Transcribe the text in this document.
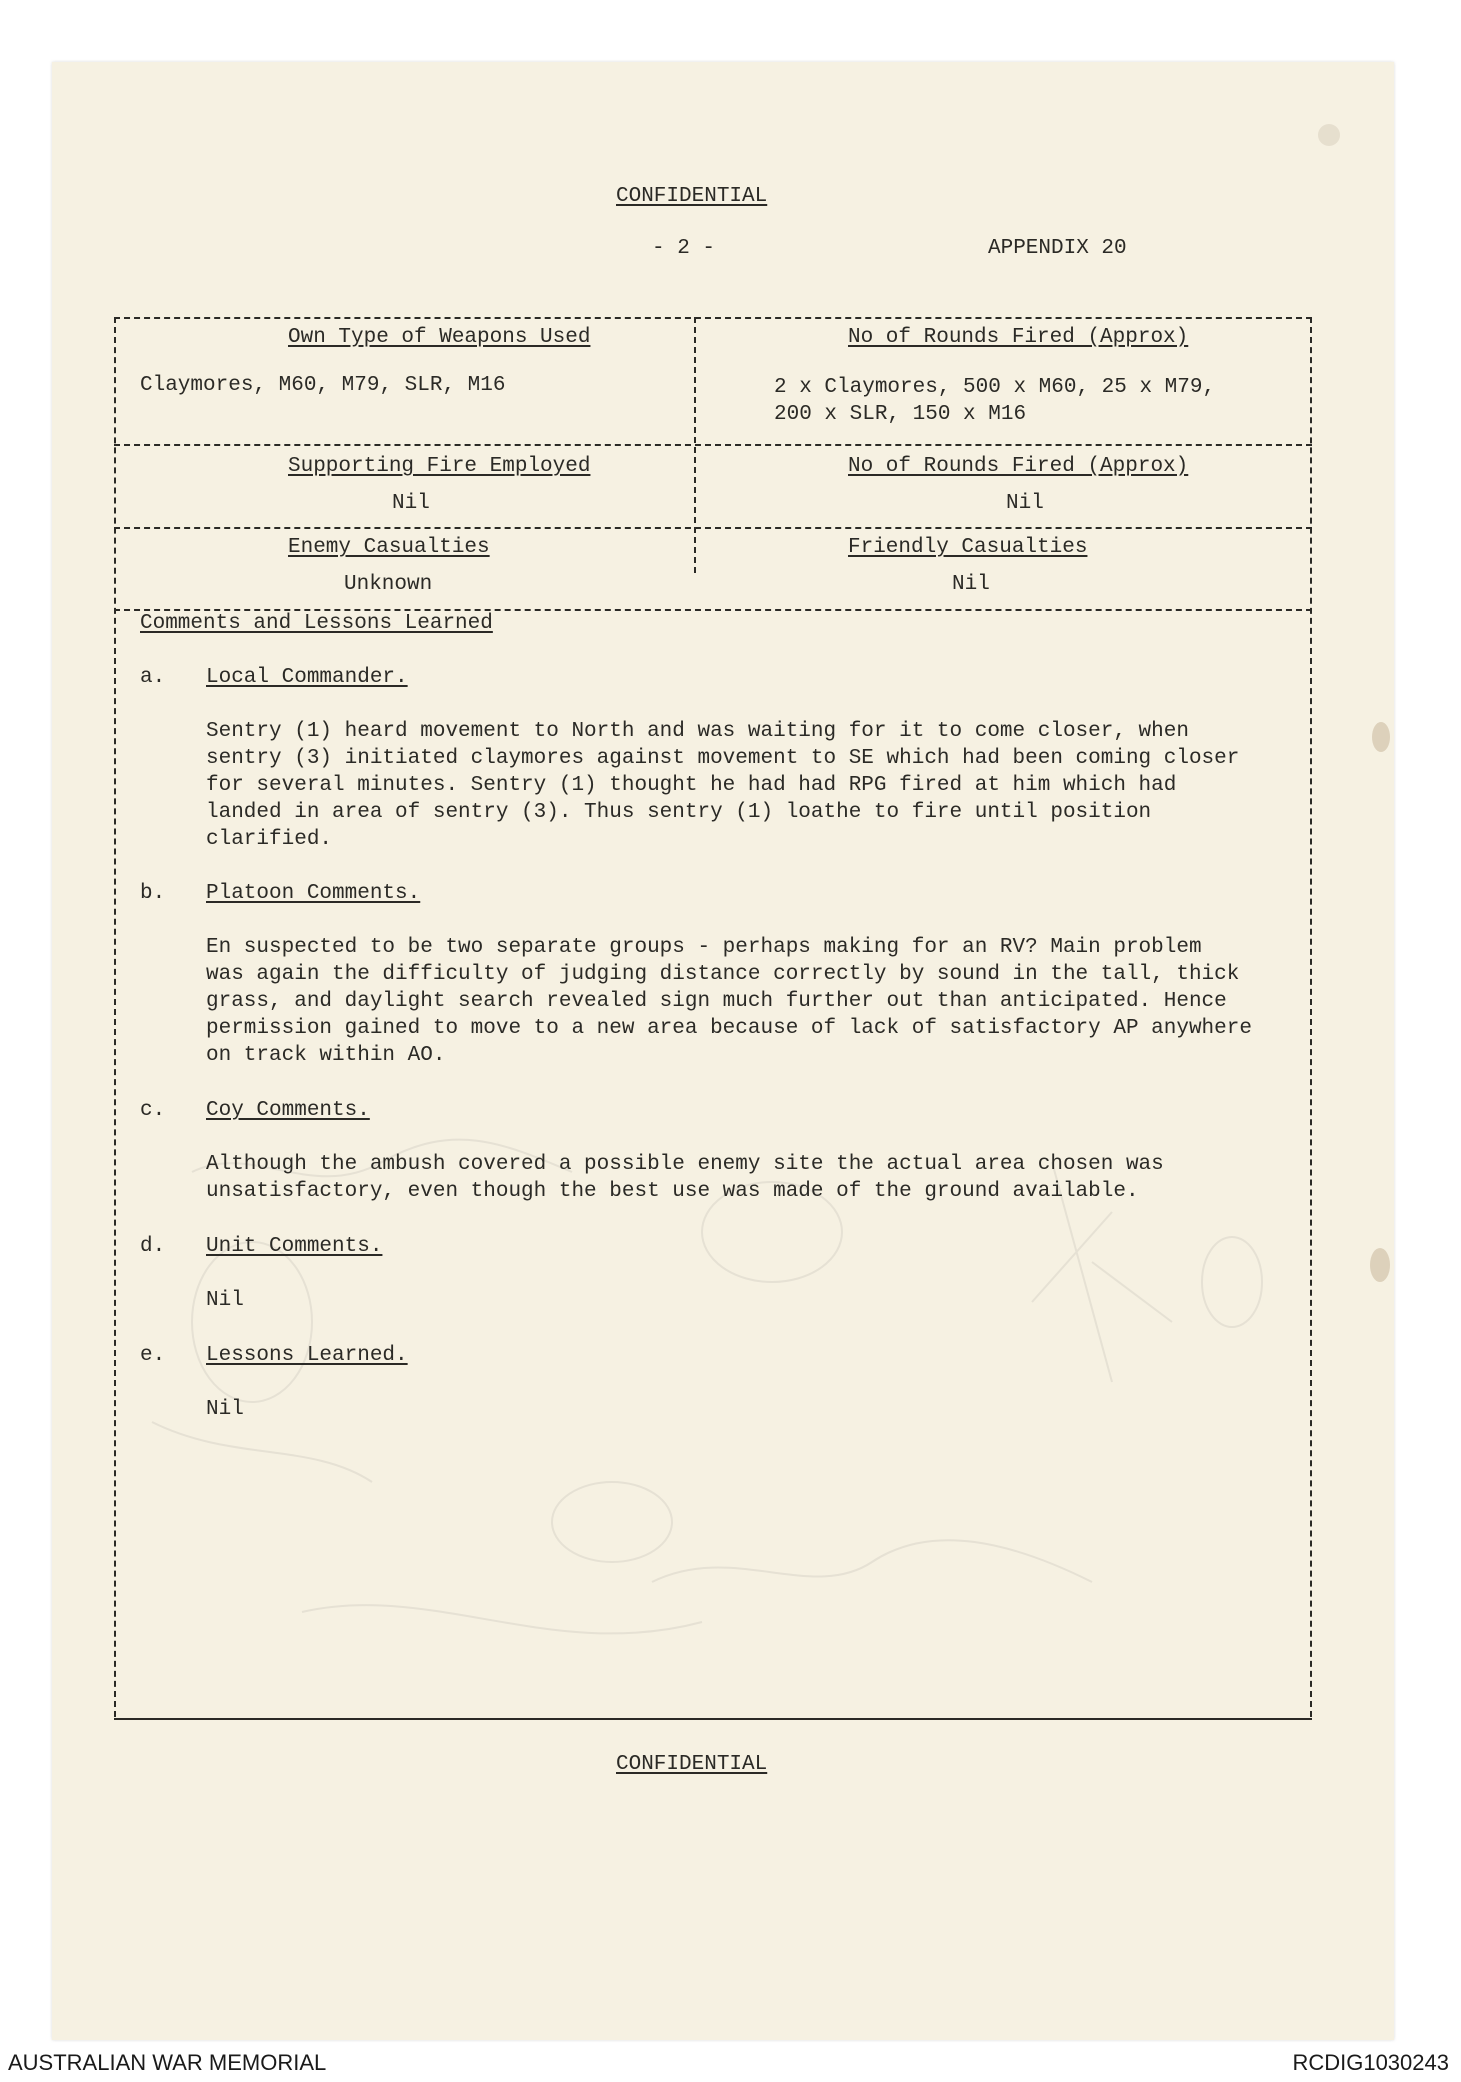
CONFIDENTIAL
- 2 -	APPENDIX 20
Own Type of Weapons Used
Claymores, M60, M79, SLR, M16
No of Rounds Fired (Approx)
2 x Claymores, 500 x M60, 25 x M79,
200 x SLR, 150 x M16
Supporting Fire Employed
Nil
No of Rounds Fired (Approx)
Nil
Enemy Casualties
Unknown
Friendly Casualties
Nil
Comments and Lessons Learned
a. Local Commander.
Sentry (1) heard movement to North and was waiting for it to come closer, when
sentry (3) initiated claymores against movement to SE which had been coming closer
for several minutes. Sentry (1) thought he had had RPG fired at him which had
landed in area of sentry (3). Thus sentry (1) loathe to fire until position
clarified.
b. Platoon Comments.
En suspected to be two separate groups - perhaps making for an RV? Main problem
was again the difficulty of judging distance correctly by sound in the tall, thick
grass, and daylight search revealed sign much further out than anticipated. Hence
permission gained to move to a new area because of lack of satisfactory AP anywhere
on track within AO.
c. Coy Comments.
Although the ambush covered a possible enemy site the actual area chosen was
unsatisfactory, even though the best use was made of the ground available.
d. Unit Comments.
Nil
e. Lessons Learned.
Nil
CONFIDENTIAL
AUSTRALIAN WAR MEMORIAL	RCDIG1030243
